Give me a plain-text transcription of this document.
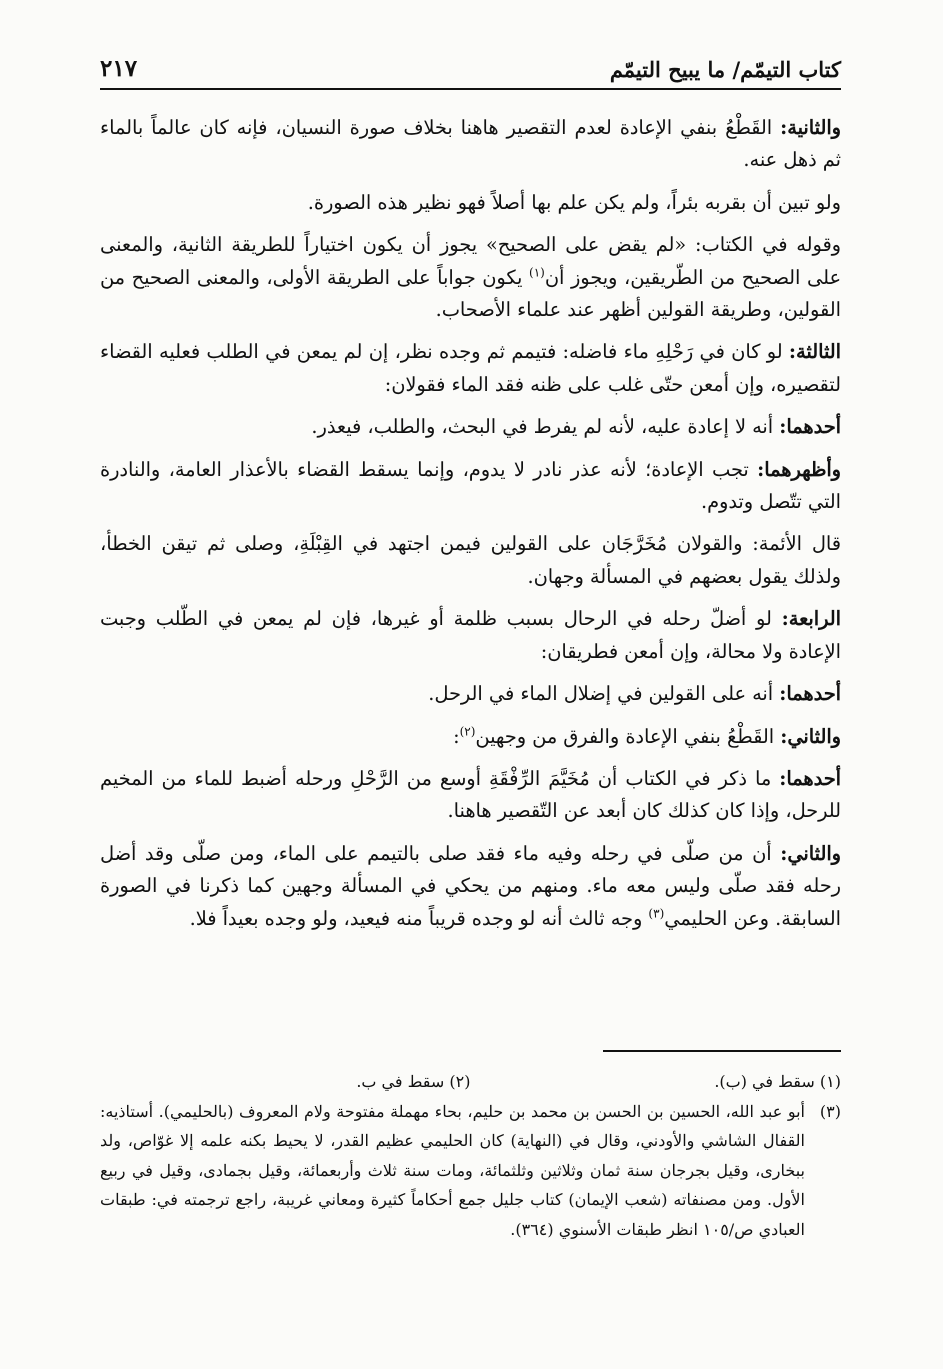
كتاب التيمّم/ ما يبيح التيمّم
٢١٧

والثانية: القَطْعُ بنفي الإعادة لعدم التقصير هاهنا بخلاف صورة النسيان، فإنه كان عالماً بالماء ثم ذهل عنه.

ولو تبين أن بقربه بئراً، ولم يكن علم بها أصلاً فهو نظير هذه الصورة.

وقوله في الكتاب: «لم يقض على الصحيح» يجوز أن يكون اختياراً للطريقة الثانية، والمعنى على الصحيح من الطّريقين، ويجوز أن$^{(١)}$ يكون جواباً على الطريقة الأولى، والمعنى الصحيح من القولين، وطريقة القولين أظهر عند علماء الأصحاب.

الثالثة: لو كان في رَحْلِهِ ماء فاضله: فتيمم ثم وجده نظر، إن لم يمعن في الطلب فعليه القضاء لتقصيره، وإن أمعن حتّى غلب على ظنه فقد الماء فقولان:

أحدهما: أنه لا إعادة عليه، لأنه لم يفرط في البحث، والطلب، فيعذر.

وأظهرهما: تجب الإعادة؛ لأنه عذر نادر لا يدوم، وإنما يسقط القضاء بالأعذار العامة، والنادرة التي تتّصل وتدوم.

قال الأئمة: والقولان مُخَرَّجَان على القولين فيمن اجتهد في القِبْلَةِ، وصلى ثم تيقن الخطأ، ولذلك يقول بعضهم في المسألة وجهان.

الرابعة: لو أضلّ رحله في الرحال بسبب ظلمة أو غيرها، فإن لم يمعن في الطّلب وجبت الإعادة ولا محالة، وإن أمعن فطريقان:

أحدهما: أنه على القولين في إضلال الماء في الرحل.

والثاني: القَطْعُ بنفي الإعادة والفرق من وجهين$^{(٢)}$:

أحدهما: ما ذكر في الكتاب أن مُخَيَّمَ الرِّفْقَةِ أوسع من الرَّحْلِ ورحله أضبط للماء من المخيم للرحل، وإذا كان كذلك كان أبعد عن التّقصير هاهنا.

والثاني: أن من صلّى في رحله وفيه ماء فقد صلى بالتيمم على الماء، ومن صلّى وقد أضل رحله فقد صلّى وليس معه ماء. ومنهم من يحكي في المسألة وجهين كما ذكرنا في الصورة السابقة. وعن الحليمي$^{(٣)}$ وجه ثالث أنه لو وجده قريباً منه فيعيد، ولو وجده بعيداً فلا.

(١) سقط في (ب).
(٢) سقط في ب.
(٣)
أبو عبد الله، الحسين بن الحسن بن محمد بن حليم، بحاء مهملة مفتوحة ولام المعروف (بالحليمي). أستاذيه: القفال الشاشي والأودني، وقال في (النهاية) كان الحليمي عظيم القدر، لا يحيط بكنه علمه إلا غوّاص، ولد ببخارى، وقيل بجرجان سنة ثمان وثلاثين وثلثمائة، ومات سنة ثلاث وأربعمائة، وقيل بجمادى، وقيل في ربيع الأول. ومن مصنفاته (شعب الإيمان) كتاب جليل جمع أحكاماً كثيرة ومعاني غريبة، راجع ترجمته في: طبقات العبادي ص/١٠٥ انظر طبقات الأسنوي (٣٦٤).
